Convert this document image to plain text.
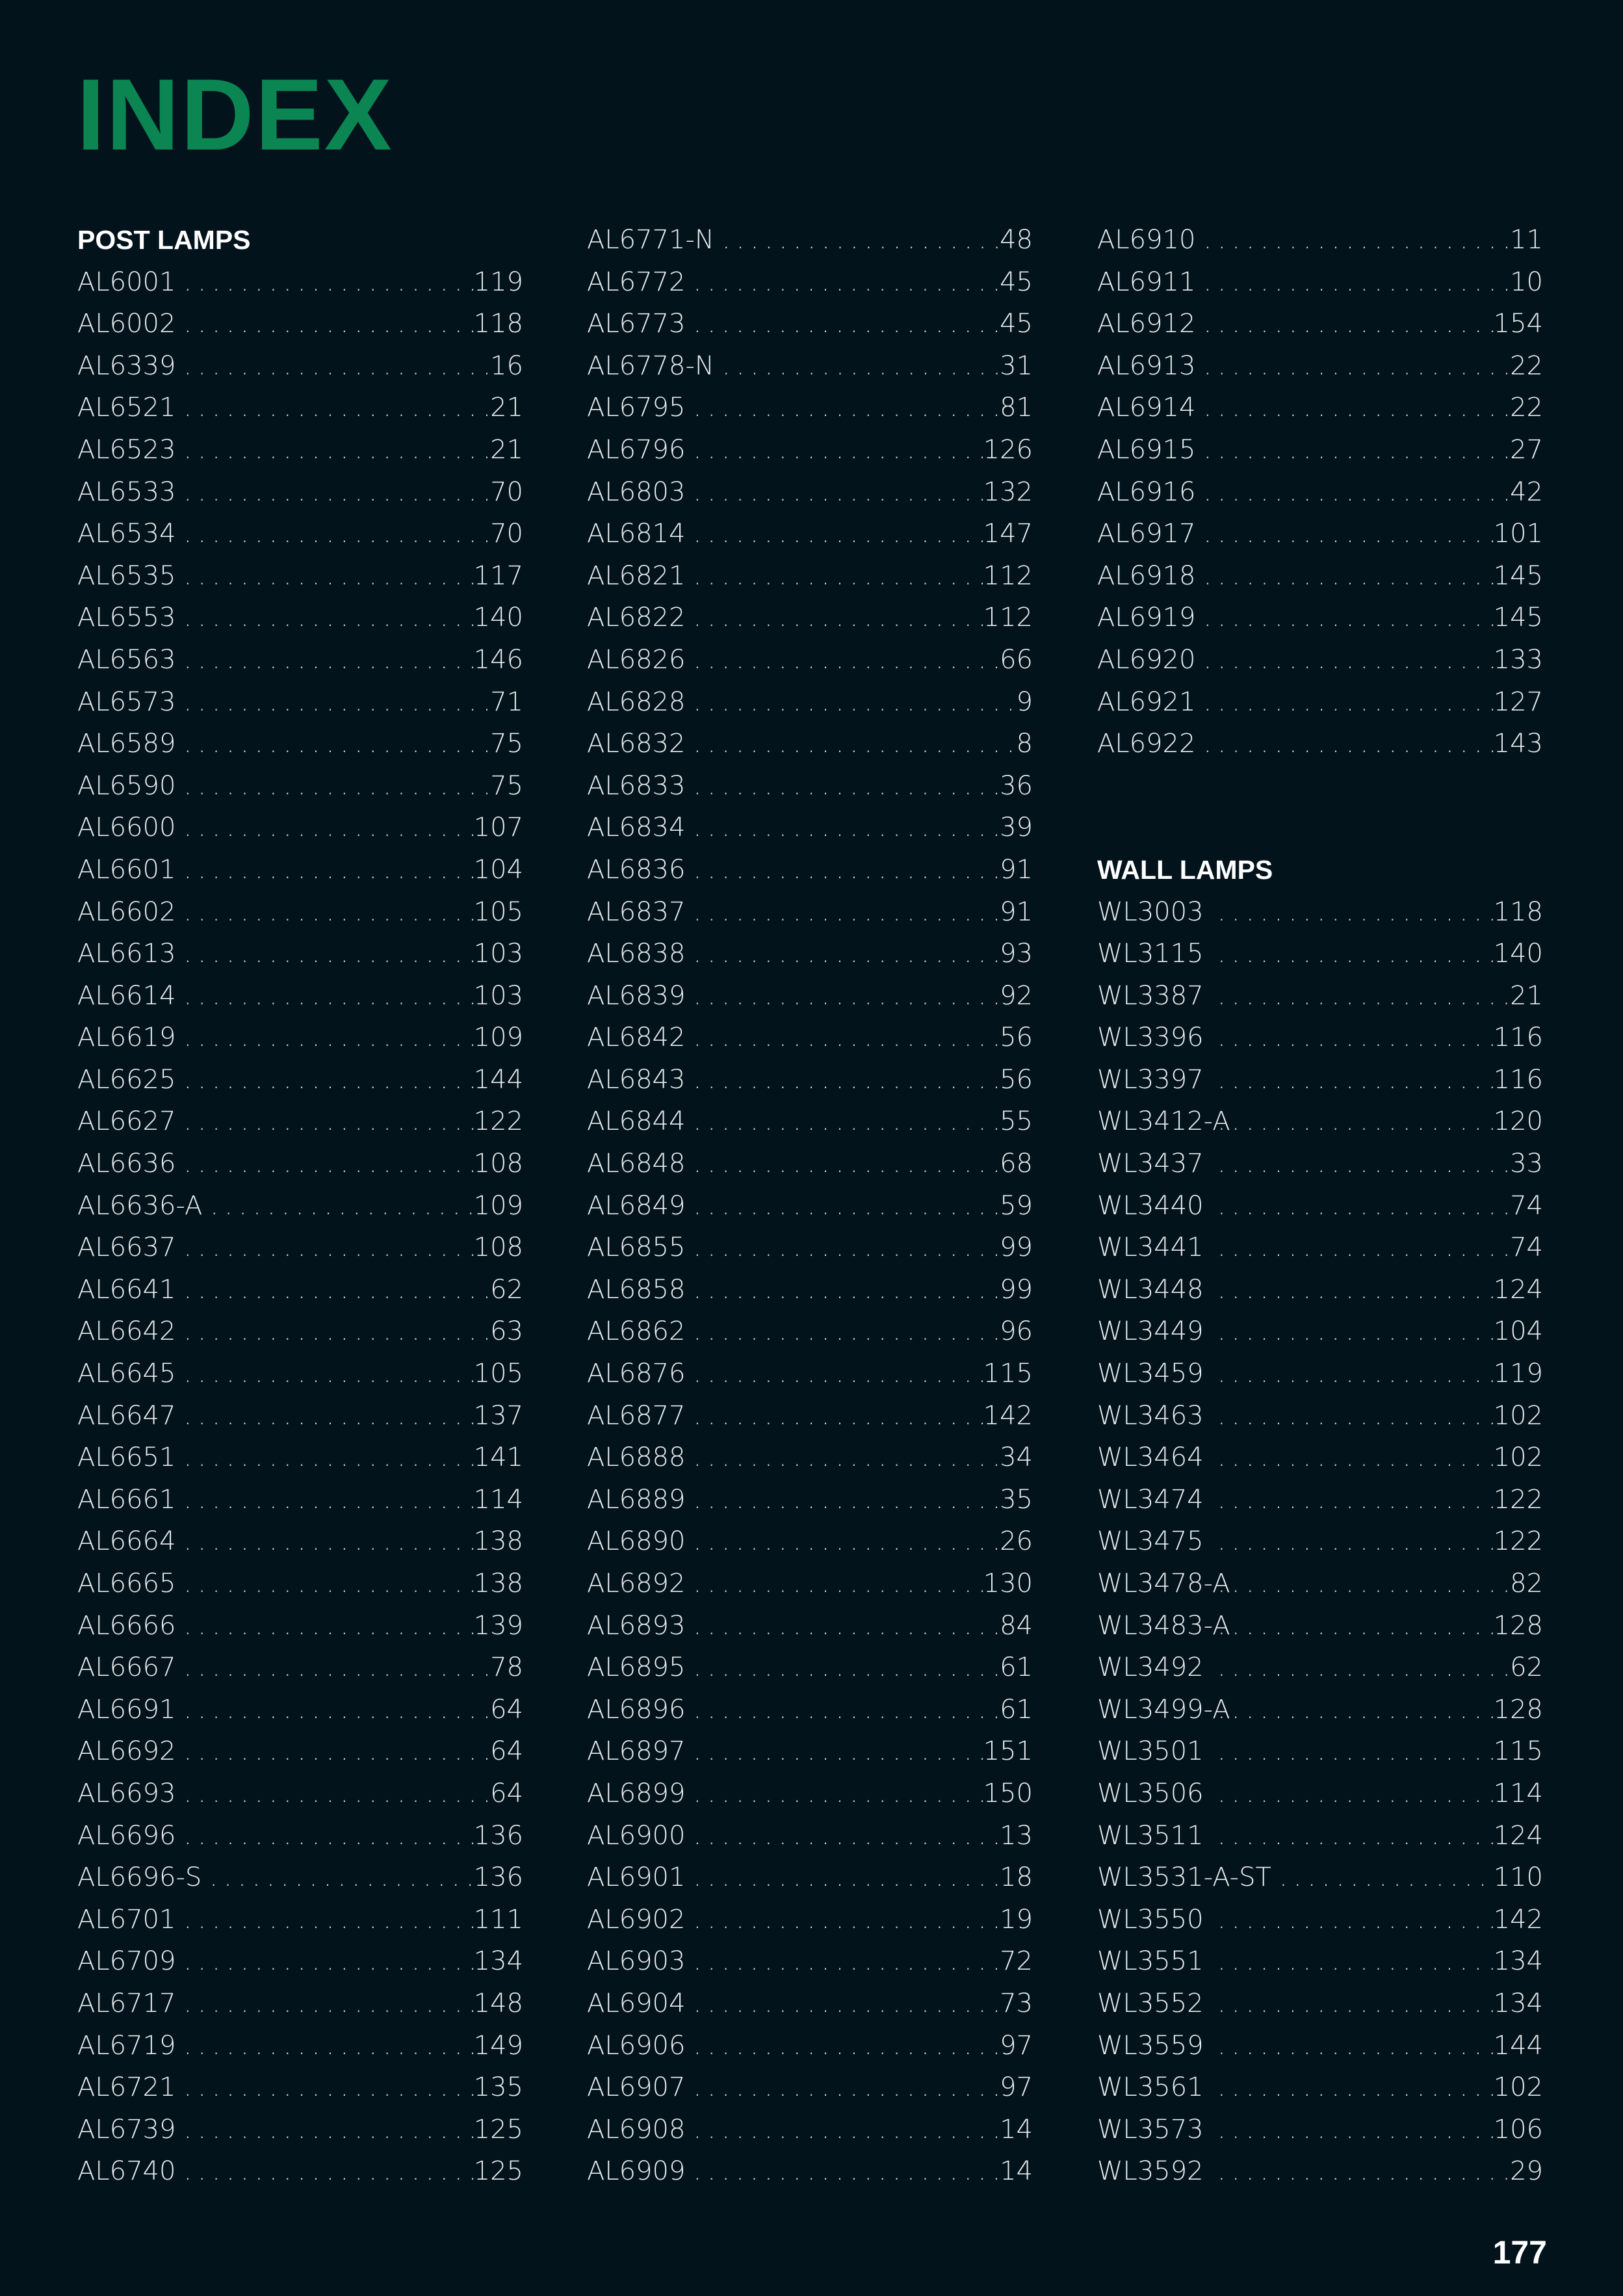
INDEX
POST LAMPS
AL6001 .....	119
AL6002 .....	118
AL6339 .....	16
AL6521 .....	21
AL6523 .....	21
AL6533 .....	70
AL6534 .....	70
AL6535 .....	117
AL6553 .....	140
AL6563 .....	146
AL6573 .....	71
AL6589 .....	75
AL6590 .....	75
AL6600 .....	107
AL6601 .....	104
AL6602 .....	105
AL6613 .....	103
AL6614 .....	103
AL6619 .....	109
AL6625 .....	144
AL6627 .....	122
AL6636 .....	108
AL6636-A .....	109
AL6637 .....	108
AL6641 .....	62
AL6642 .....	63
AL6645 .....	105
AL6647 .....	137
AL6651 .....	141
AL6661 .....	114
AL6664 .....	138
AL6665 .....	138
AL6666 .....	139
AL6667 .....	78
AL6691 .....	64
AL6692 .....	64
AL6693 .....	64
AL6696 .....	136
AL6696-S .....	136
AL6701 .....	111
AL6709 .....	134
AL6717 .....	148
AL6719 .....	149
AL6721 .....	135
AL6739 .....	125
AL6740 .....	125
AL6771-N .....	48
AL6772 .....	45
AL6773 .....	45
AL6778-N .....	31
AL6795 .....	81
AL6796 .....	126
AL6803 .....	132
AL6814 .....	147
AL6821 .....	112
AL6822 .....	112
AL6826 .....	66
AL6828 .....	9
AL6832 .....	8
AL6833 .....	36
AL6834 .....	39
AL6836 .....	91
AL6837 .....	91
AL6838 .....	93
AL6839 .....	92
AL6842 .....	56
AL6843 .....	56
AL6844 .....	55
AL6848 .....	68
AL6849 .....	59
AL6855 .....	99
AL6858 .....	99
AL6862 .....	96
AL6876 .....	115
AL6877 .....	142
AL6888 .....	34
AL6889 .....	35
AL6890 .....	26
AL6892 .....	130
AL6893 .....	84
AL6895 .....	61
AL6896 .....	61
AL6897 .....	151
AL6899 .....	150
AL6900 .....	13
AL6901 .....	18
AL6902 .....	19
AL6903 .....	72
AL6904 .....	73
AL6906 .....	97
AL6907 .....	97
AL6908 .....	14
AL6909 .....	14
AL6910 .....	11
AL6911 .....	10
AL6912 .....	154
AL6913 .....	22
AL6914 .....	22
AL6915 .....	27
AL6916 .....	42
AL6917 .....	101
AL6918 .....	145
AL6919 .....	145
AL6920 .....	133
AL6921 .....	127
AL6922 .....	143
WALL LAMPS
WL3003 .....	118
WL3115 .....	140
WL3387 .....	21
WL3396 .....	116
WL3397 .....	116
WL3412-A .....	120
WL3437 .....	33
WL3440 .....	74
WL3441 .....	74
WL3448 .....	124
WL3449 .....	104
WL3459 .....	119
WL3463 .....	102
WL3464 .....	102
WL3474 .....	122
WL3475 .....	122
WL3478-A .....	82
WL3483-A .....	128
WL3492 .....	62
WL3499-A .....	128
WL3501 .....	115
WL3506 .....	114
WL3511 .....	124
WL3531-A-ST .....	110
WL3550 .....	142
WL3551 .....	134
WL3552 .....	134
WL3559 .....	144
WL3561 .....	102
WL3573 .....	106
WL3592 .....	29
177
